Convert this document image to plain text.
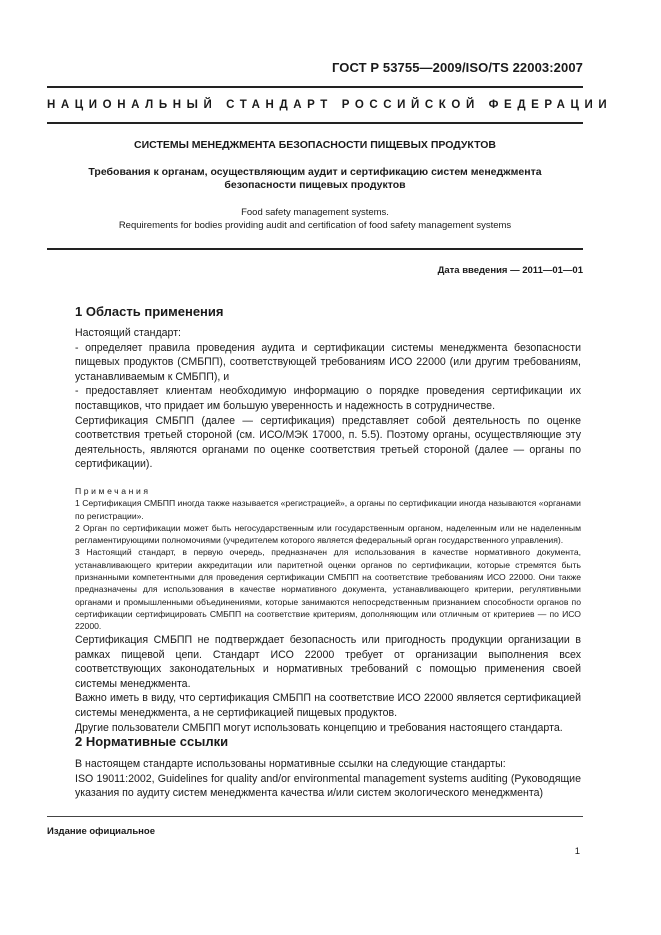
ГОСТ Р 53755—2009/ISO/TS 22003:2007
НАЦИОНАЛЬНЫЙ СТАНДАРТ РОССИЙСКОЙ ФЕДЕРАЦИИ
СИСТЕМЫ МЕНЕДЖМЕНТА БЕЗОПАСНОСТИ ПИЩЕВЫХ ПРОДУКТОВ
Требования к органам, осуществляющим аудит и сертификацию систем менеджмента
безопасности пищевых продуктов
Food safety management systems.
Requirements for bodies providing audit and certification of food safety management systems
Дата введения — 2011—01—01
1 Область применения

Настоящий стандарт:

- определяет правила проведения аудита и сертификации системы менеджмента безопасности пищевых продуктов (СМБПП), соответствующей требованиям ИСО 22000 (или другим требованиям, устанавливаемым к СМБПП), и

- предоставляет клиентам необходимую информацию о порядке проведения сертификации их поставщиков, что придает им большую уверенность и надежность в сотрудничестве.

Сертификация СМБПП (далее — сертификация) представляет собой деятельность по оценке соответствия третьей стороной (см. ИСО/МЭК 17000, п. 5.5). Поэтому органы, осуществляющие эту деятельность, являются органами по оценке соответствия третьей стороной (далее — органы по сертификации).

Примечания

1 Сертификация СМБПП иногда также называется «регистрацией», а органы по сертификации иногда называются «органами по регистрации».

2 Орган по сертификации может быть негосударственным или государственным органом, наделенным или не наделенным регламентирующими полномочиями (учредителем которого является федеральный орган государственного управления).

3 Настоящий стандарт, в первую очередь, предназначен для использования в качестве нормативного документа, устанавливающего критерии аккредитации или паритетной оценки органов по сертификации, которые стремятся быть признанными компетентными для проведения сертификации СМБПП на соответствие требованиям ИСО 22000. Они также предназначены для использования в качестве нормативного документа, устанавливающего критерии, регулятивными органами и промышленными объединениями, которые занимаются непосредственным признанием способности органов по сертификации сертифицировать СМБПП на соответствие критериям, дополняющим или отличным от критериев — по ИСО 22000.

Сертификация СМБПП не подтверждает безопасность или пригодность продукции организации в рамках пищевой цепи. Стандарт ИСО 22000 требует от организации выполнения всех соответствующих законодательных и нормативных требований с помощью применения своей системы менеджмента.

Важно иметь в виду, что сертификация СМБПП на соответствие ИСО 22000 является сертификацией системы менеджмента, а не сертификацией пищевых продуктов.

Другие пользователи СМБПП могут использовать концепцию и требования настоящего стандарта.

2 Нормативные ссылки

В настоящем стандарте использованы нормативные ссылки на следующие стандарты:

ISO 19011:2002, Guidelines for quality and/or environmental management systems auditing (Руководящие указания по аудиту систем менеджмента качества и/или систем экологического менеджмента)

Издание официальное
1
